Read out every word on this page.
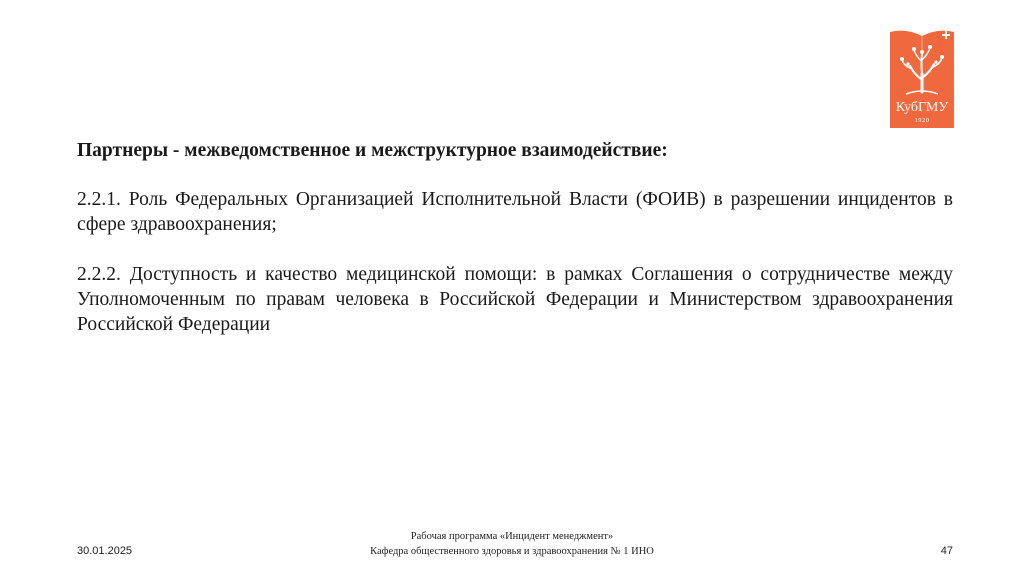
КубГМУ
1920

Партнеры - межведомственное и межструктурное взаимодействие:

2.2.1. Роль Федеральных Организацией Исполнительной Власти (ФОИВ) в разрешении инцидентов в сфере здравоохранения;

2.2.2. Доступность и качество медицинской помощи: в рамках Соглашения о сотрудничестве между Уполномоченным по правам человека в Российской Федерации и Министерством здравоохранения Российской Федерации

30.01.2025
Рабочая программа «Инцидент менеджмент»
Кафедра общественного здоровья и здравоохранения № 1 ИНО	47
